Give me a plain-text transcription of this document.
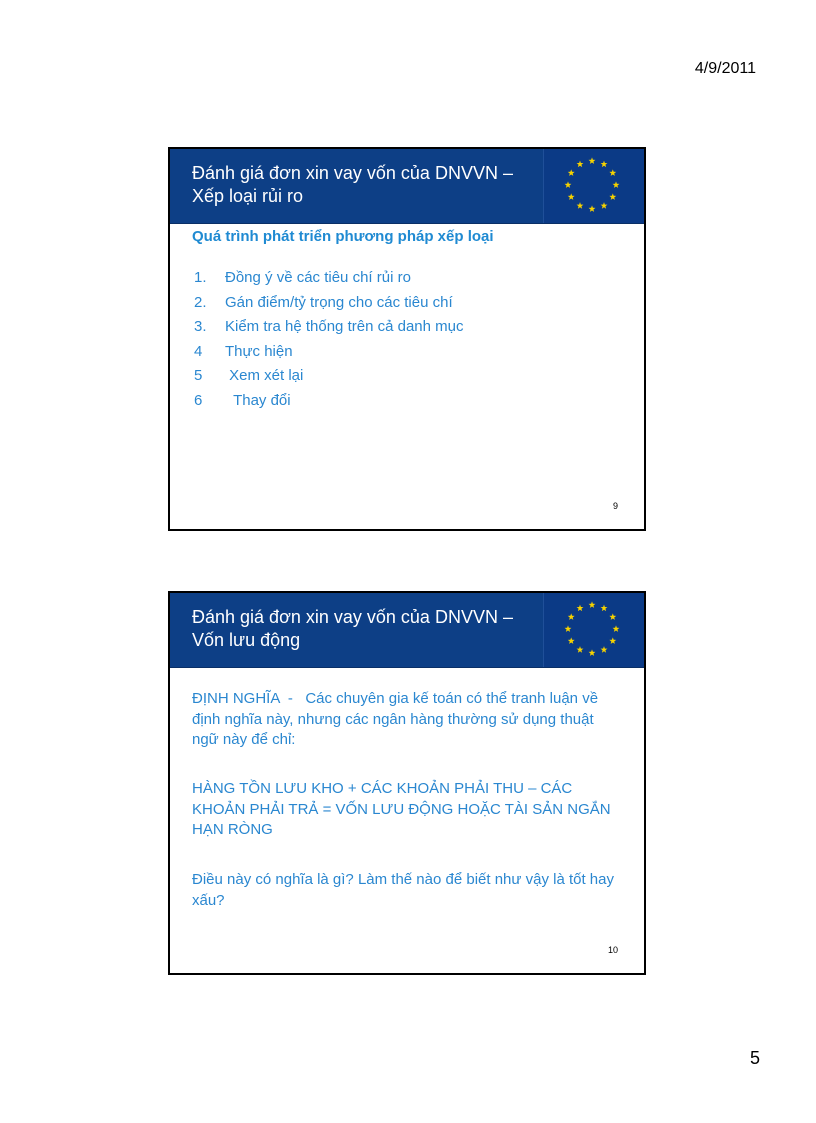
4/9/2011
Đánh giá đơn xin vay vốn của DNVVN –
Xếp loại rủi ro
Quá trình phát triển phương pháp xếp loại
1. Đồng ý về các tiêu chí rủi ro
2. Gán điểm/tỷ trọng cho các tiêu chí
3. Kiểm tra hệ thống trên cả danh mục
4 Thực hiện
5 Xem xét lại
6  Thay đổi
9
Đánh giá đơn xin vay vốn của DNVVN –
Vốn lưu động
ĐỊNH NGHĨA  -   Các chuyên gia kế toán có thể tranh luận về định nghĩa này, nhưng các ngân hàng thường sử dụng thuật ngữ này để chỉ:
HÀNG TỒN LƯU KHO + CÁC KHOẢN PHẢI THU – CÁC KHOẢN PHẢI TRẢ = VỐN LƯU ĐỘNG HOẶC TÀI SẢN NGẮN HẠN RÒNG
Điều này có nghĩa là gì? Làm thế nào để biết như vậy là tốt hay xấu?
10
5
